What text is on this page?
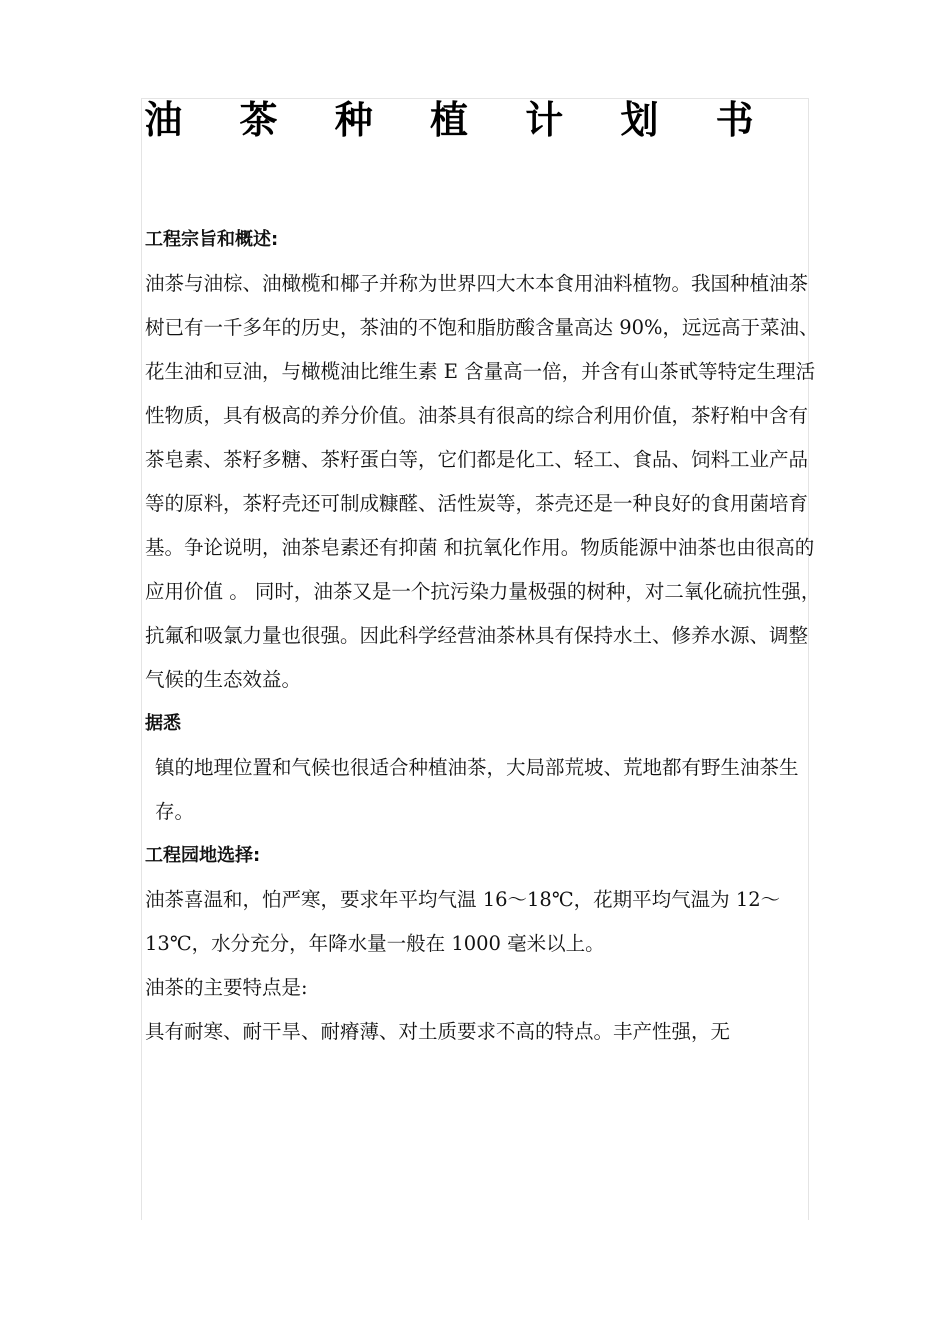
油 茶 种 植 计 划 书

工程宗旨和概述:

油茶与油棕、油橄榄和椰子并称为世界四大木本食用油料植物。我国种植油茶树已有一千多年的历史，茶油的不饱和脂肪酸含量高达 90%，远远高于菜油、花生油和豆油，与橄榄油比维生素 E 含量高一倍，并含有山茶甙等特定生理活性物质，具有极高的养分价值。油茶具有很高的综合利用价值，茶籽粕中含有茶皂素、茶籽多糖、茶籽蛋白等，它们都是化工、轻工、食品、饲料工业产品等的原料，茶籽壳还可制成糠醛、活性炭等，茶壳还是一种良好的食用菌培育基。争论说明，油茶皂素还有抑菌 和抗氧化作用。物质能源中油茶也由很高的应用价值 。 同时，油茶又是一个抗污染力量极强的树种，对二氧化硫抗性强，抗氟和吸氯力量也很强。因此科学经营油茶林具有保持水土、修养水源、调整气候的生态效益。

据悉

镇的地理位置和气候也很适合种植油茶，大局部荒坡、荒地都有野生油茶生存。

工程园地选择:

油茶喜温和，怕严寒，要求年平均气温 16～18℃，花期平均气温为 12～ 13℃，水分充分，年降水量一般在 1000 毫米以上。

油茶的主要特点是:

具有耐寒、耐干旱、耐瘠薄、对土质要求不高的特点。丰产性强，无
